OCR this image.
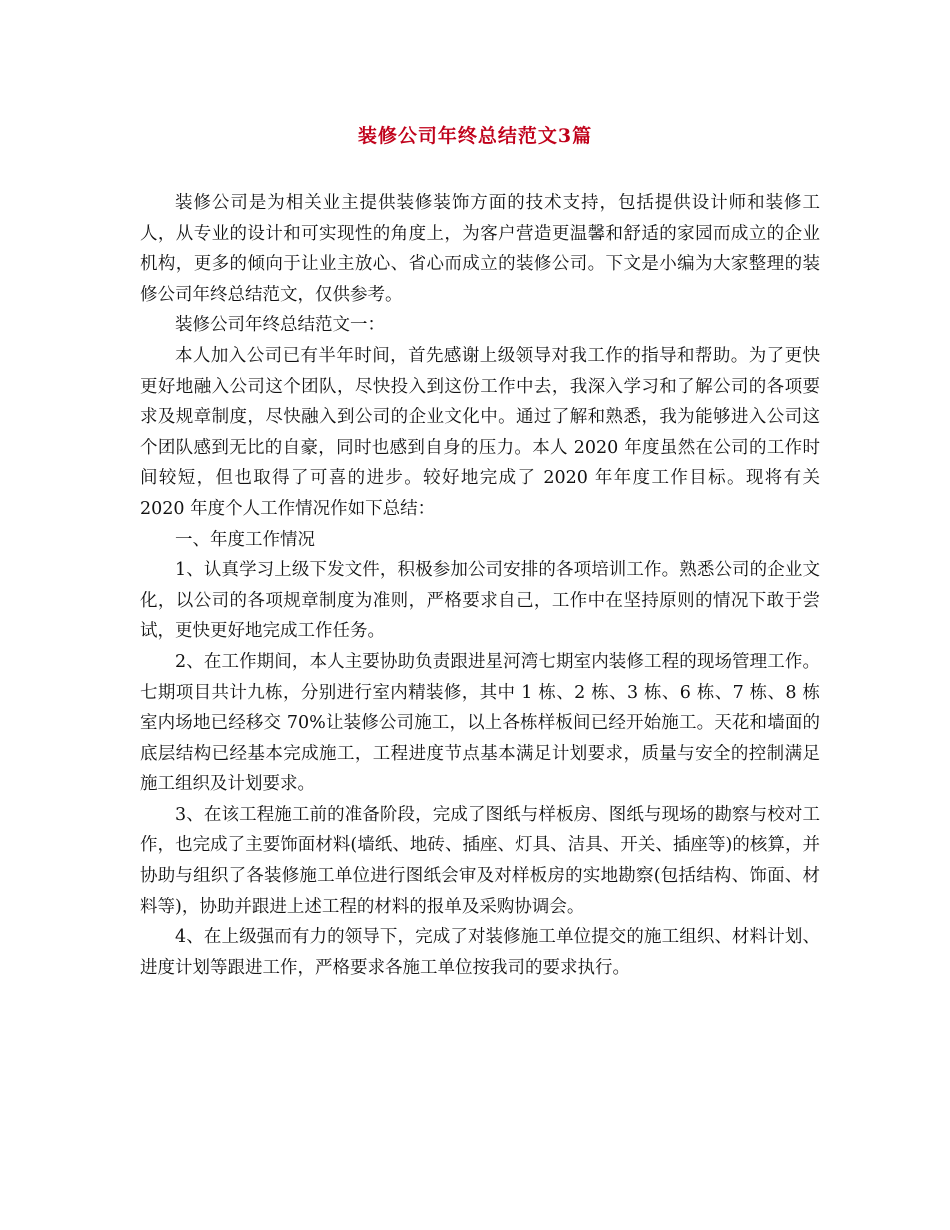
装修公司年终总结范文3篇

装修公司是为相关业主提供装修装饰方面的技术支持，包括提供设计师和装修工人，从专业的设计和可实现性的角度上，为客户营造更温馨和舒适的家园而成立的企业机构，更多的倾向于让业主放心、省心而成立的装修公司。下文是小编为大家整理的装修公司年终总结范文，仅供参考。

装修公司年终总结范文一：

本人加入公司已有半年时间，首先感谢上级领导对我工作的指导和帮助。为了更快更好地融入公司这个团队，尽快投入到这份工作中去，我深入学习和了解公司的各项要求及规章制度，尽快融入到公司的企业文化中。通过了解和熟悉，我为能够进入公司这个团队感到无比的自豪，同时也感到自身的压力。本人 2020 年度虽然在公司的工作时间较短，但也取得了可喜的进步。较好地完成了 2020 年年度工作目标。现将有关 2020 年度个人工作情况作如下总结：

一、年度工作情况

1、认真学习上级下发文件，积极参加公司安排的各项培训工作。熟悉公司的企业文化，以公司的各项规章制度为准则，严格要求自己，工作中在坚持原则的情况下敢于尝试，更快更好地完成工作任务。

2、在工作期间，本人主要协助负责跟进星河湾七期室内装修工程的现场管理工作。七期项目共计九栋，分别进行室内精装修，其中 1 栋、2 栋、3 栋、6 栋、7 栋、8 栋室内场地已经移交 70%让装修公司施工，以上各栋样板间已经开始施工。天花和墙面的底层结构已经基本完成施工，工程进度节点基本满足计划要求，质量与安全的控制满足施工组织及计划要求。

3、在该工程施工前的准备阶段，完成了图纸与样板房、图纸与现场的勘察与校对工作，也完成了主要饰面材料(墙纸、地砖、插座、灯具、洁具、开关、插座等)的核算，并协助与组织了各装修施工单位进行图纸会审及对样板房的实地勘察(包括结构、饰面、材料等)，协助并跟进上述工程的材料的报单及采购协调会。

4、在上级强而有力的领导下，完成了对装修施工单位提交的施工组织、材料计划、进度计划等跟进工作，严格要求各施工单位按我司的要求执行。
